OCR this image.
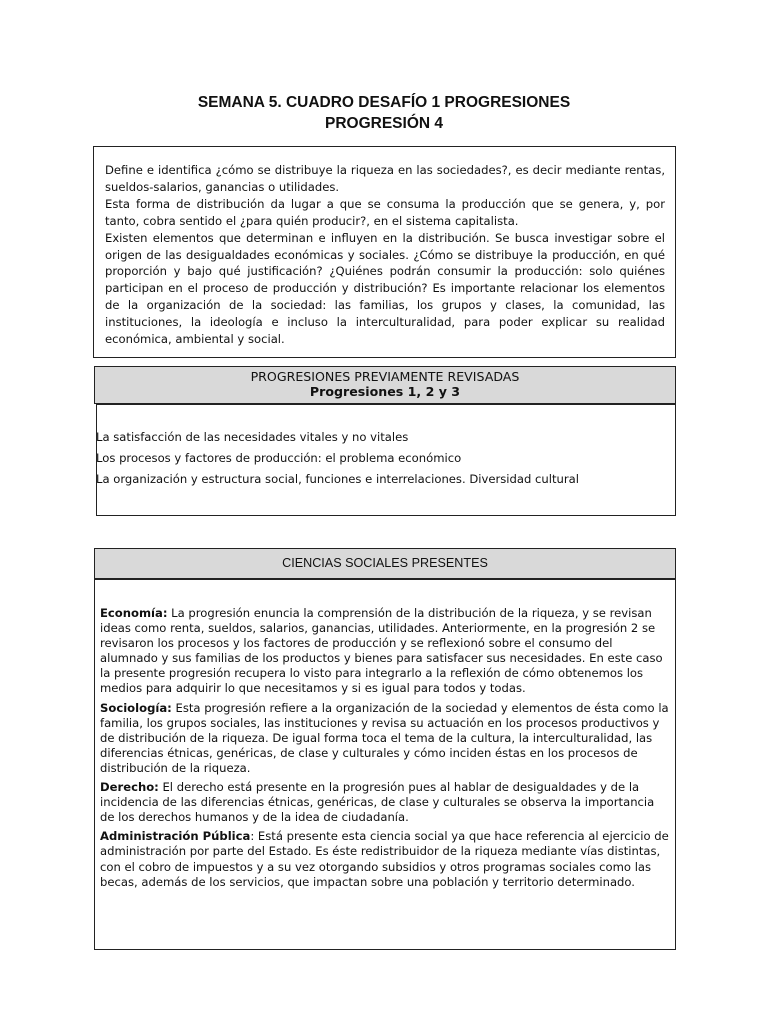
SEMANA 5. CUADRO DESAFÍO 1 PROGRESIONES
PROGRESIÓN 4

Define e identifica ¿cómo se distribuye la riqueza en las sociedades?, es decir mediante rentas, sueldos-salarios, ganancias o utilidades.

Esta forma de distribución da lugar a que se consuma la producción que se genera, y, por tanto, cobra sentido el ¿para quién producir?, en el sistema capitalista.

Existen elementos que determinan e influyen en la distribución. Se busca investigar sobre el origen de las desigualdades económicas y sociales. ¿Cómo se distribuye la producción, en qué proporción y bajo qué justificación? ¿Quiénes podrán consumir la producción: solo quiénes participan en el proceso de producción y distribución? Es importante relacionar los elementos de la organización de la sociedad: las familias, los grupos y clases, la comunidad, las instituciones, la ideología e incluso la interculturalidad, para poder explicar su realidad económica, ambiental y social.

PROGRESIONES PREVIAMENTE REVISADAS
Progresiones 1, 2 y 3
La satisfacción de las necesidades vitales y no vitales
Los procesos y factores de producción: el problema económico
La organización y estructura social, funciones e interrelaciones. Diversidad cultural
CIENCIAS SOCIALES PRESENTES

Economía: La progresión enuncia la comprensión de la distribución de la riqueza, y se revisan ideas como renta, sueldos, salarios, ganancias, utilidades. Anteriormente, en la progresión 2 se revisaron los procesos y los factores de producción y se reflexionó sobre el consumo del alumnado y sus familias de los productos y bienes para satisfacer sus necesidades. En este caso la presente progresión recupera lo visto para integrarlo a la reflexión de cómo obtenemos los medios para adquirir lo que necesitamos y si es igual para todos y todas.

Sociología: Esta progresión refiere a la organización de la sociedad y elementos de ésta como la familia, los grupos sociales, las instituciones y revisa su actuación en los procesos productivos y de distribución de la riqueza. De igual forma toca el tema de la cultura, la interculturalidad, las diferencias étnicas, genéricas, de clase y culturales y cómo inciden éstas en los procesos de distribución de la riqueza.

Derecho: El derecho está presente en la progresión pues al hablar de desigualdades y de la incidencia de las diferencias étnicas, genéricas, de clase y culturales se observa la importancia de los derechos humanos y de la idea de ciudadanía.

Administración Pública: Está presente esta ciencia social ya que hace referencia al ejercicio de administración por parte del Estado. Es éste redistribuidor de la riqueza mediante vías distintas, con el cobro de impuestos y a su vez otorgando subsidios y otros programas sociales como las becas, además de los servicios, que impactan sobre una población y territorio determinado.
